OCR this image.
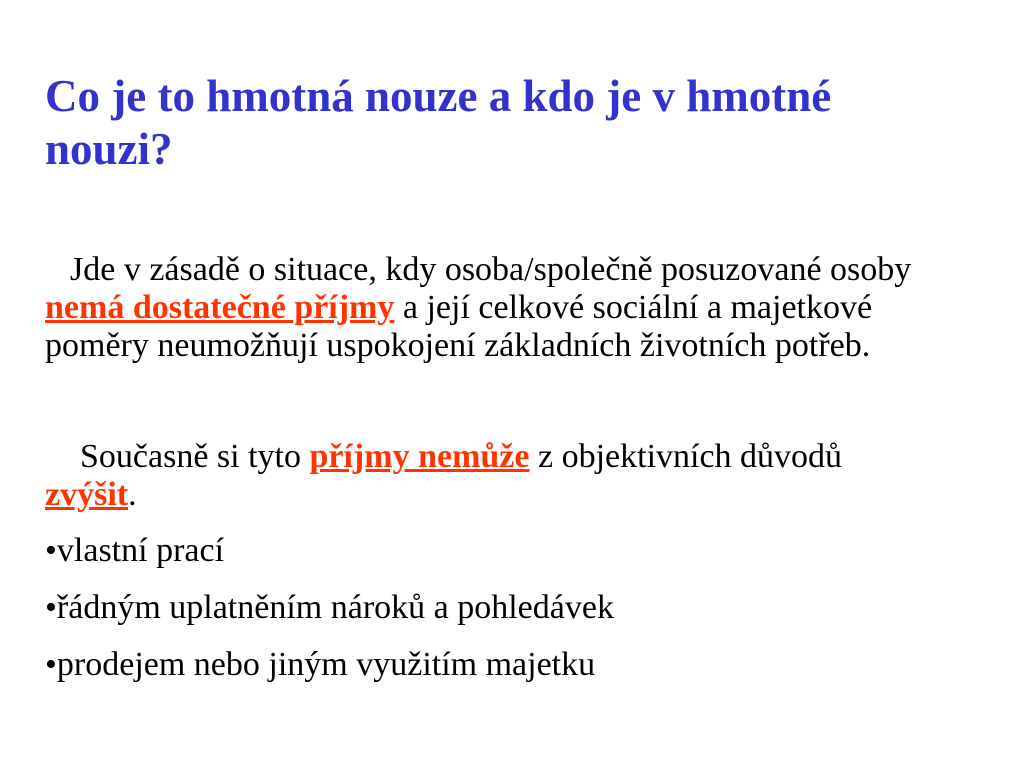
Co je to hmotná nouze a kdo je v hmotné nouzi?
Jde v zásadě o situace, kdy osoba/společně posuzované osoby
nemá dostatečné příjmy a její celkové sociální a majetkové
poměry neumožňují uspokojení základních životních potřeb.
Současně si tyto příjmy nemůže z objektivních důvodů
zvýšit.
•vlastní prací
•řádným uplatněním nároků a pohledávek
•prodejem nebo jiným využitím majetku
